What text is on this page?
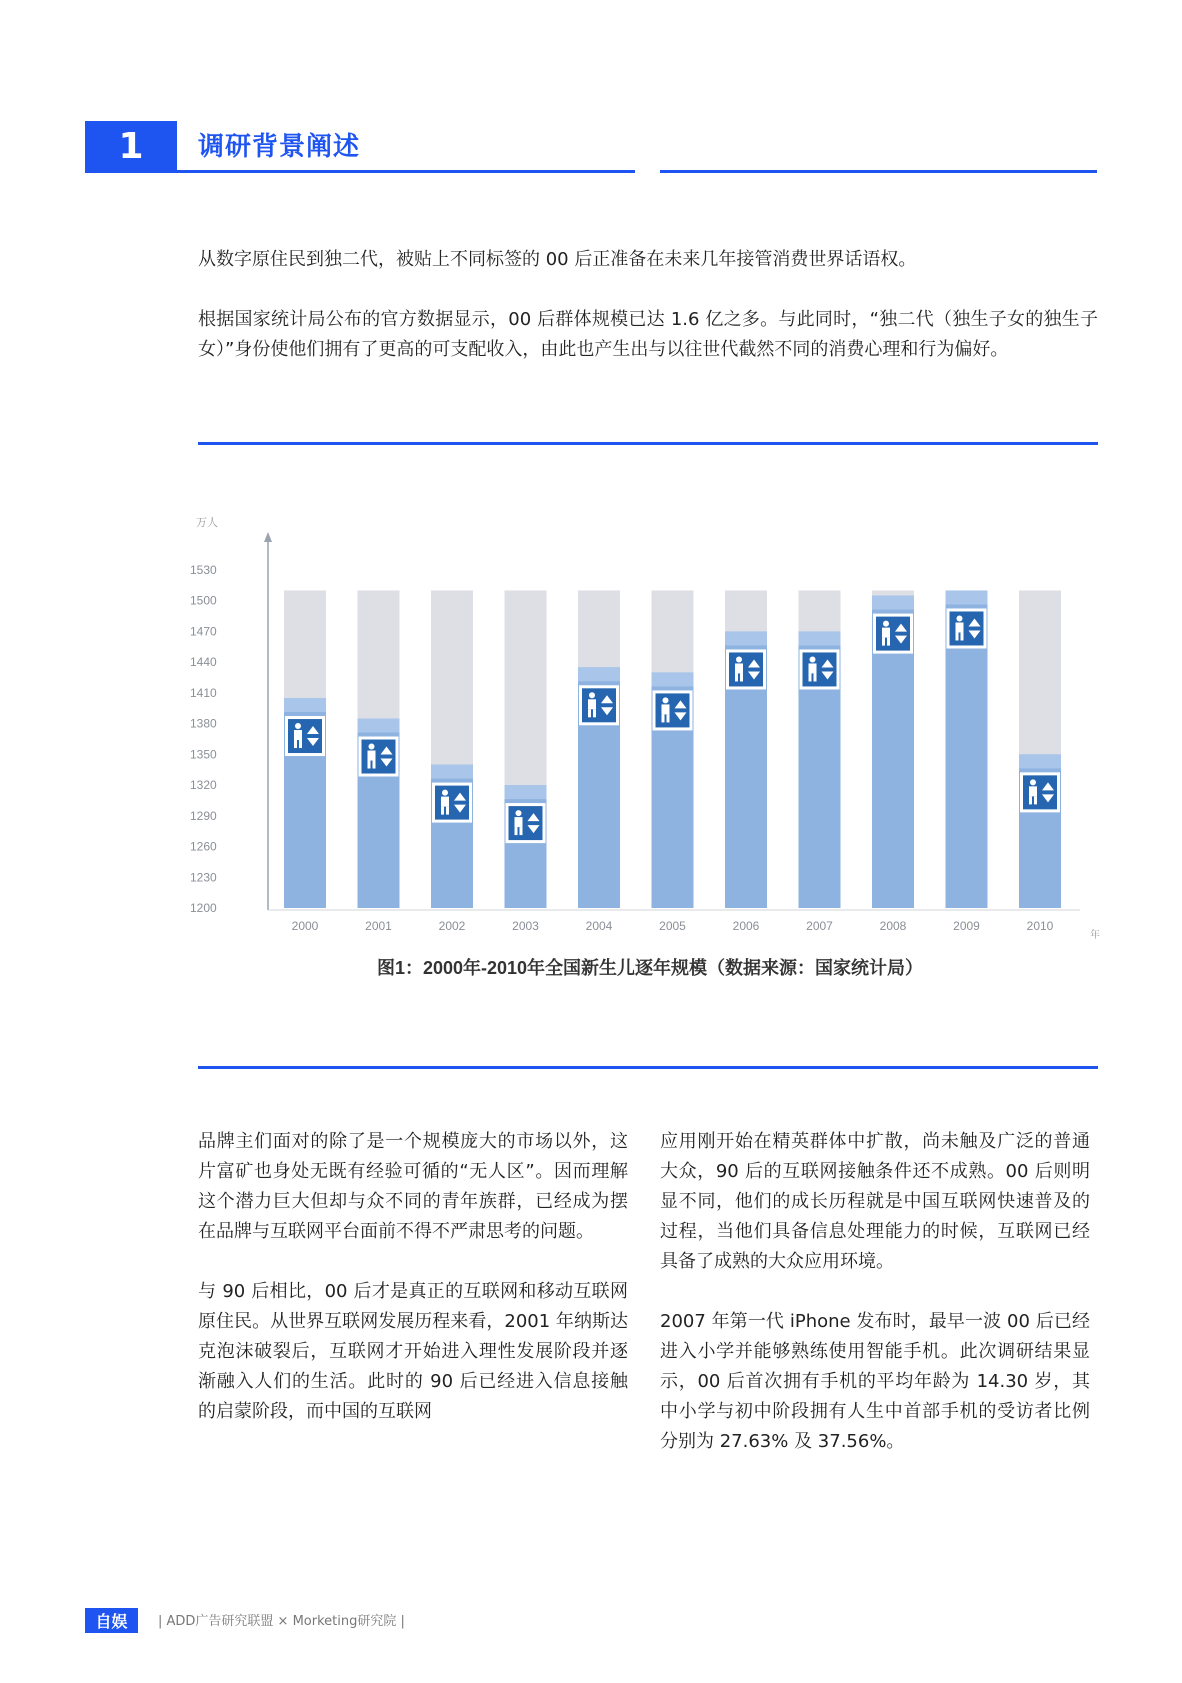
1	调研背景阐述
从数字原住民到独二代，被贴上不同标签的 00 后正准备在未来几年接管消费世界话语权。
根据国家统计局公布的官方数据显示，00 后群体规模已达 1.6 亿之多。与此同时，“独二代（独生子女的独生子女）”身份使他们拥有了更高的可支配收入，由此也产生出与以往世代截然不同的消费心理和行为偏好。
万人
1200
1230
1260
1290
1320
1350
1380
1410
1440
1470
1500
1530
2000	2001	2002	2003	2004	2005	2006	2007	2008	2009	2010
年
图1：2000年-2010年全国新生儿逐年规模（数据来源：国家统计局）

品牌主们面对的除了是一个规模庞大的市场以外，这片富矿也身处无既有经验可循的“无人区”。因而理解这个潜力巨大但却与众不同的青年族群，已经成为摆在品牌与互联网平台面前不得不严肃思考的问题。

与 90 后相比，00 后才是真正的互联网和移动互联网原住民。从世界互联网发展历程来看，2001 年纳斯达克泡沫破裂后，互联网才开始进入理性发展阶段并逐渐融入人们的生活。此时的 90 后已经进入信息接触的启蒙阶段，而中国的互联网

应用刚开始在精英群体中扩散，尚未触及广泛的普通大众，90 后的互联网接触条件还不成熟。00 后则明显不同，他们的成长历程就是中国互联网快速普及的过程，当他们具备信息处理能力的时候，互联网已经具备了成熟的大众应用环境。

2007 年第一代 iPhone 发布时，最早一波 00 后已经进入小学并能够熟练使用智能手机。此次调研结果显示，00 后首次拥有手机的平均年龄为 14.30 岁，其中小学与初中阶段拥有人生中首部手机的受访者比例分别为 27.63% 及 37.56%。

自娱	| ADD广告研究联盟 × Morketing研究院 |
